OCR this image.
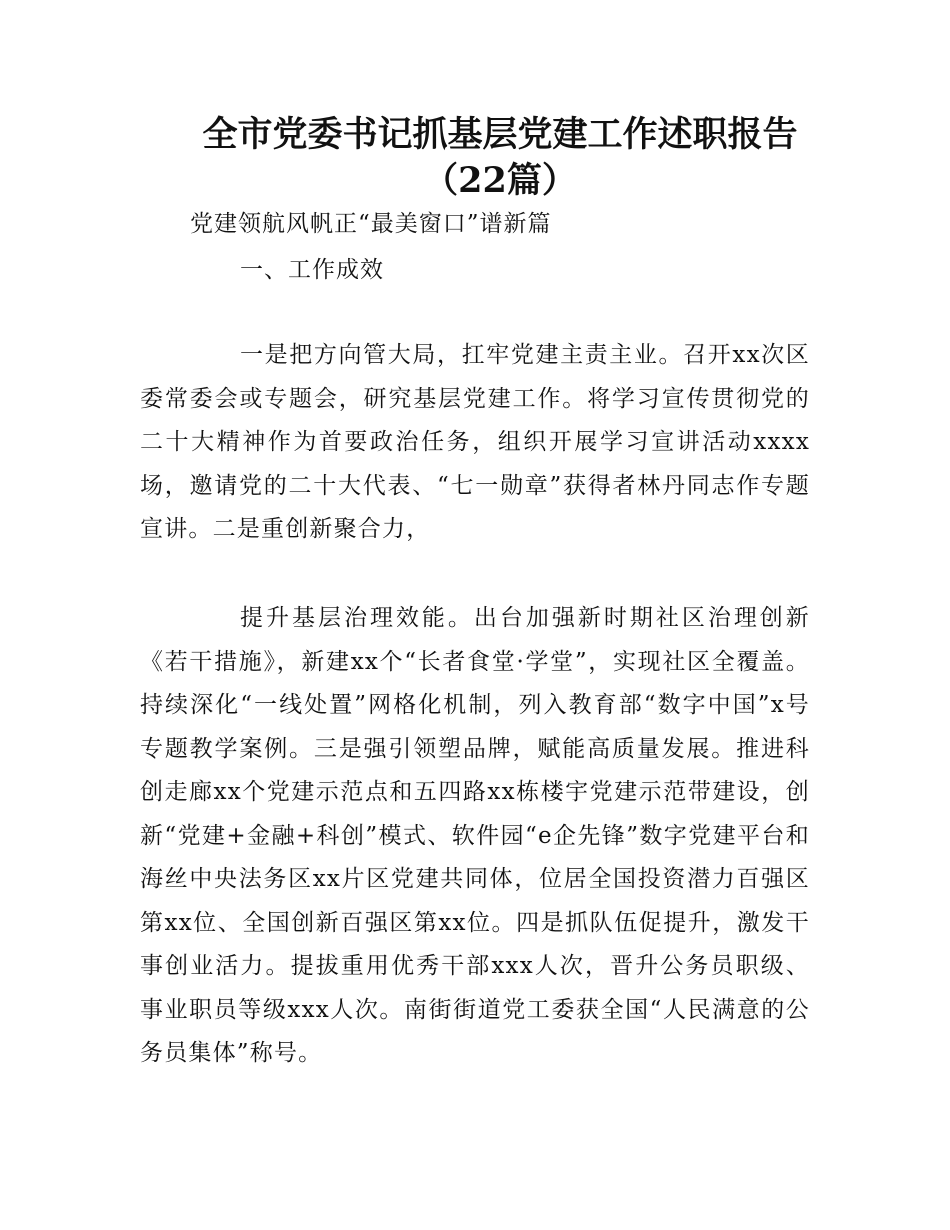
全市党委书记抓基层党建工作述职报告
（22篇）
党建领航风帆正“最美窗口”谱新篇
一、工作成效

一是把方向管大局，扛牢党建主责主业。召开xx次区委常委会或专题会，研究基层党建工作。将学习宣传贯彻党的二十大精神作为首要政治任务，组织开展学习宣讲活动xxxx场，邀请党的二十大代表、“七一勋章”获得者林丹同志作专题宣讲。二是重创新聚合力，

提升基层治理效能。出台加强新时期社区治理创新《若干措施》，新建xx个“长者食堂·学堂”，实现社区全覆盖。持续深化“一线处置”网格化机制，列入教育部“数字中国”x号专题教学案例。三是强引领塑品牌，赋能高质量发展。推进科创走廊xx个党建示范点和五四路xx栋楼宇党建示范带建设，创新“党建+金融+科创”模式、软件园“e企先锋”数字党建平台和海丝中央法务区xx片区党建共同体，位居全国投资潜力百强区第xx位、全国创新百强区第xx位。四是抓队伍促提升，激发干事创业活力。提拔重用优秀干部xxx人次，晋升公务员职级、事业职员等级xxx人次。南街街道党工委获全国“人民满意的公务员集体”称号。
